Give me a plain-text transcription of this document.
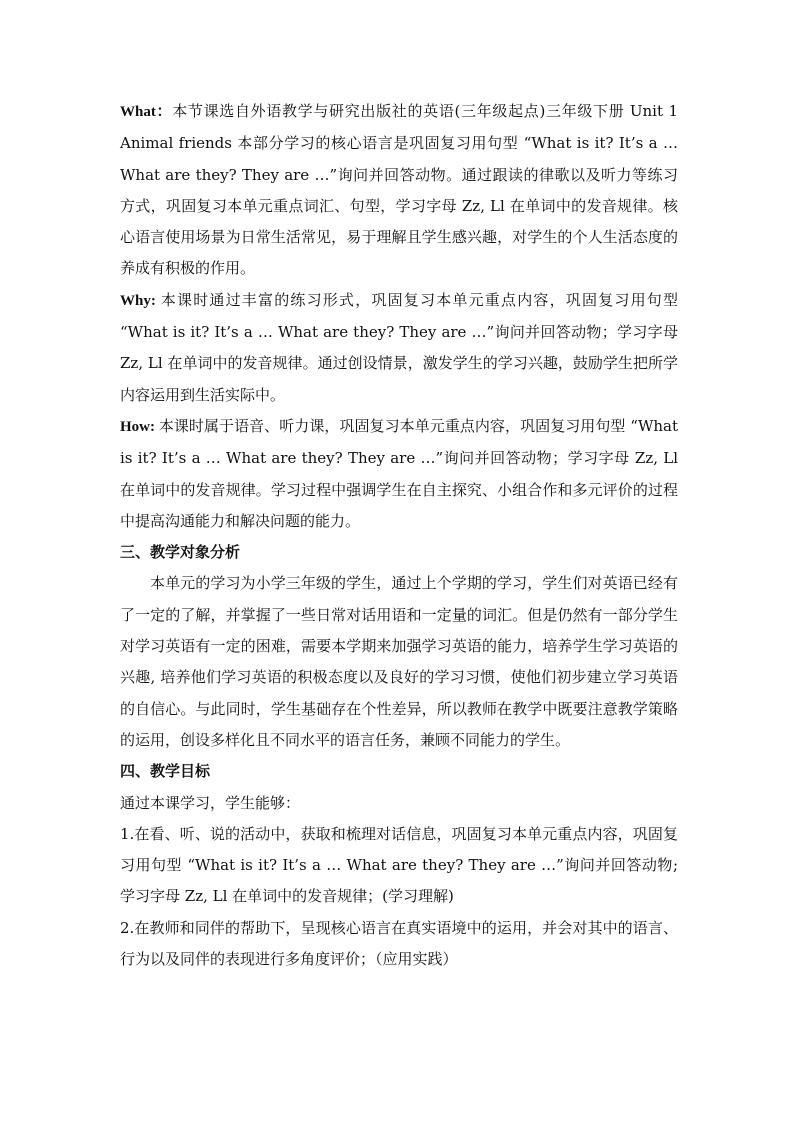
What：本节课选自外语教学与研究出版社的英语(三年级起点)三年级下册 Unit 1 Animal friends 本部分学习的核心语言是巩固复习用句型 “What is it? It’s a … What are they? They are …”询问并回答动物。通过跟读的律歌以及听力等练习方式，巩固复习本单元重点词汇、句型，学习字母 Zz, Ll 在单词中的发音规律。核心语言使用场景为日常生活常见，易于理解且学生感兴趣，对学生的个人生活态度的养成有积极的作用。

Why: 本课时通过丰富的练习形式，巩固复习本单元重点内容，巩固复习用句型 “What is it? It’s a … What are they? They are …”询问并回答动物；学习字母 Zz, Ll 在单词中的发音规律。通过创设情景，激发学生的学习兴趣，鼓励学生把所学内容运用到生活实际中。

How: 本课时属于语音、听力课，巩固复习本单元重点内容，巩固复习用句型 “What is it? It’s a … What are they? They are …”询问并回答动物；学习字母 Zz, Ll 在单词中的发音规律。学习过程中强调学生在自主探究、小组合作和多元评价的过程中提高沟通能力和解决问题的能力。

三、教学对象分析

本单元的学习为小学三年级的学生，通过上个学期的学习，学生们对英语已经有了一定的了解，并掌握了一些日常对话用语和一定量的词汇。但是仍然有一部分学生对学习英语有一定的困难，需要本学期来加强学习英语的能力，培养学生学习英语的兴趣, 培养他们学习英语的积极态度以及良好的学习习惯，使他们初步建立学习英语的自信心。与此同时，学生基础存在个性差异，所以教师在教学中既要注意教学策略的运用，创设多样化且不同水平的语言任务，兼顾不同能力的学生。

四、教学目标

通过本课学习，学生能够：

1.在看、听、说的活动中，获取和梳理对话信息，巩固复习本单元重点内容，巩固复习用句型 “What is it? It’s a … What are they? They are …”询问并回答动物;学习字母 Zz, Ll 在单词中的发音规律；(学习理解)

2.在教师和同伴的帮助下，呈现核心语言在真实语境中的运用，并会对其中的语言、行为以及同伴的表现进行多角度评价；（应用实践）
